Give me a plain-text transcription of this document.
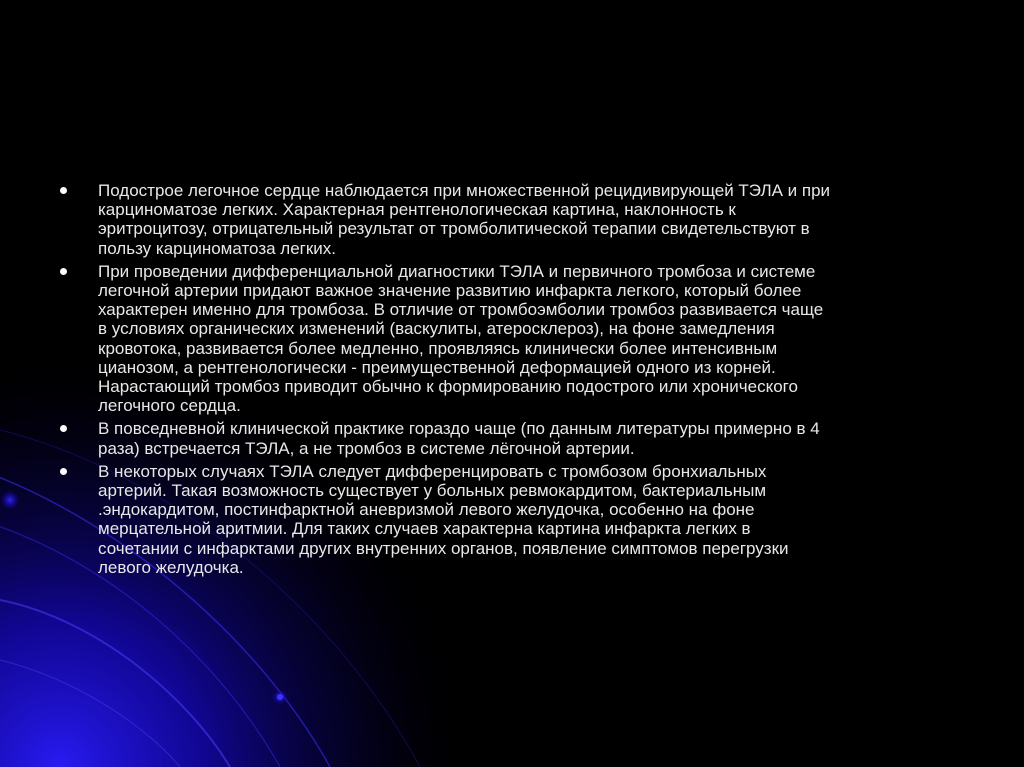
Подострое легочное сердце наблюдается при множественной рецидивирующей ТЭЛА и при
карциноматозе легких. Характерная рентгенологическая картина, наклонность к
эритроцитозу, отрицательный результат от тромболитической терапии свидетельствуют в
пользу карциноматоза легких.
При проведении дифференциальной диагностики ТЭЛА и первичного тромбоза и системе
легочной артерии придают важное значение развитию инфаркта легкого, который более
характерен именно для тромбоза. В отличие от тромбоэмболии тромбоз развивается чаще
в условиях органических изменений (васкулиты, атеросклероз), на фоне замедления
кровотока, развивается более медленно, проявляясь клинически более интенсивным
цианозом, а рентгенологически - преимущественной деформацией одного из корней.
Нарастающий тромбоз приводит обычно к формированию подострого или хронического
легочного сердца.
В повседневной клинической практике гораздо чаще (по данным литературы примерно в 4
раза) встречается ТЭЛА, а не тромбоз в системе лёгочной артерии.
В некоторых случаях ТЭЛА следует дифференцировать с тромбозом бронхиальных
артерий. Такая возможность существует у больных ревмокардитом, бактериальным
.эндокардитом, постинфарктной аневризмой левого желудочка, особенно на фоне
мерцательной аритмии. Для таких случаев характерна картина инфаркта легких в
сочетании с инфарктами других внутренних органов, появление симптомов перегрузки
левого желудочка.
